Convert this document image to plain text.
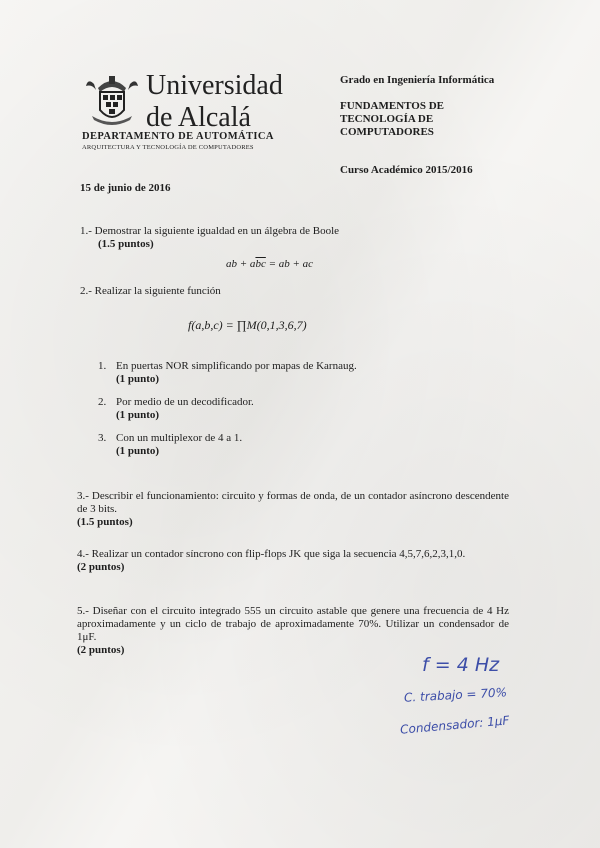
Universidad
de Alcalá
DEPARTAMENTO DE AUTOMÁTICA
ARQUITECTURA Y TECNOLOGÍA DE COMPUTADORES
Grado en Ingeniería Informática
FUNDAMENTOS DE
TECNOLOGÍA DE
COMPUTADORES
Curso Académico 2015/2016
15 de junio de 2016
1.- Demostrar la siguiente igualdad en un álgebra de Boole
(1.5 puntos)
ab + $a\overline{bc}$ = ab + ac
2.- Realizar la siguiente función
f(a,b,c) = ∏M(0,1,3,6,7)
1. En puertas NOR simplificando por mapas de Karnaug.
(1 punto)
2. Por medio de un decodificador.
(1 punto)
3. Con un multiplexor de 4 a 1.
(1 punto)
3.- Describir el funcionamiento: circuito y formas de onda, de un contador asíncrono descendente de 3 bits.
(1.5 puntos)
4.- Realizar un contador síncrono con flip-flops JK que siga la secuencia 4,5,7,6,2,3,1,0.
(2 puntos)
5.- Diseñar con el circuito integrado 555 un circuito astable que genere una frecuencia de 4 Hz aproximadamente y un ciclo de trabajo de aproximadamente 70%. Utilizar un condensador de 1μF.
(2 puntos)
f = 4 Hz
C. trabajo = 70%
Condensador: 1μF
